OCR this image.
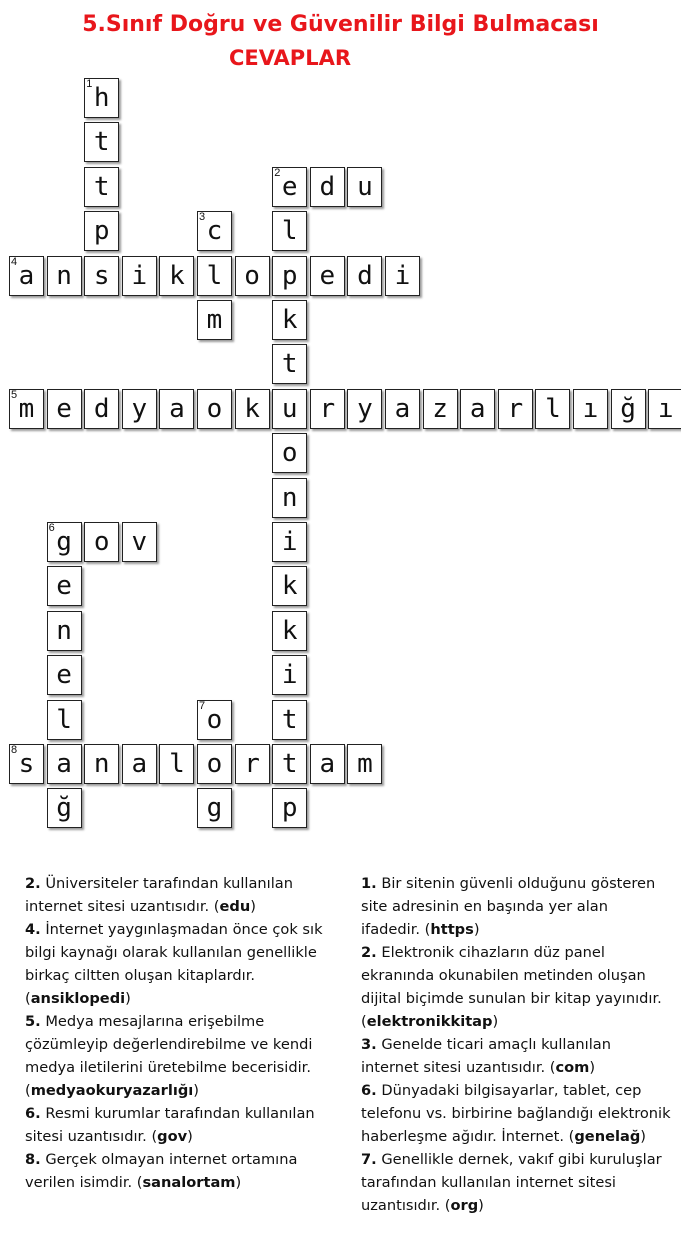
5.Sınıf Doğru ve Güvenilir Bilgi Bulmacası
CEVAPLAR
1 h
t
t	2 e d u
p	3 c	l
4 a n s i k l o p e d i
m	k
t
5 m e d y a o k u r y a z a r l ı ğ ı
o
n
6 g o v	i
e	k
n	k
e	i
l	7 o	t
8 s a n a l o r t a m
ğ	g	p

2. Üniversiteler tarafından kullanılan internet sitesi uzantısıdır. (edu)

4. İnternet yaygınlaşmadan önce çok sık bilgi kaynağı olarak kullanılan genellikle birkaç ciltten oluşan kitaplardır. (ansiklopedi)

5. Medya mesajlarına erişebilme çözümleyip değerlendirebilme ve kendi medya iletilerini üretebilme becerisidir. (medyaokuryazarlığı)

6. Resmi kurumlar tarafından kullanılan sitesi uzantısıdır. (gov)

8. Gerçek olmayan internet ortamına verilen isimdir. (sanalortam)

1. Bir sitenin güvenli olduğunu gösteren site adresinin en başında yer alan ifadedir. (https)

2. Elektronik cihazların düz panel ekranında okunabilen metinden oluşan dijital biçimde sunulan bir kitap yayınıdır. (elektronikkitap)

3. Genelde ticari amaçlı kullanılan internet sitesi uzantısıdır. (com)

6. Dünyadaki bilgisayarlar, tablet, cep telefonu vs. birbirine bağlandığı elektronik haberleşme ağıdır. İnternet. (genelağ)

7. Genellikle dernek, vakıf gibi kuruluşlar tarafından kullanılan internet sitesi uzantısıdır. (org)
